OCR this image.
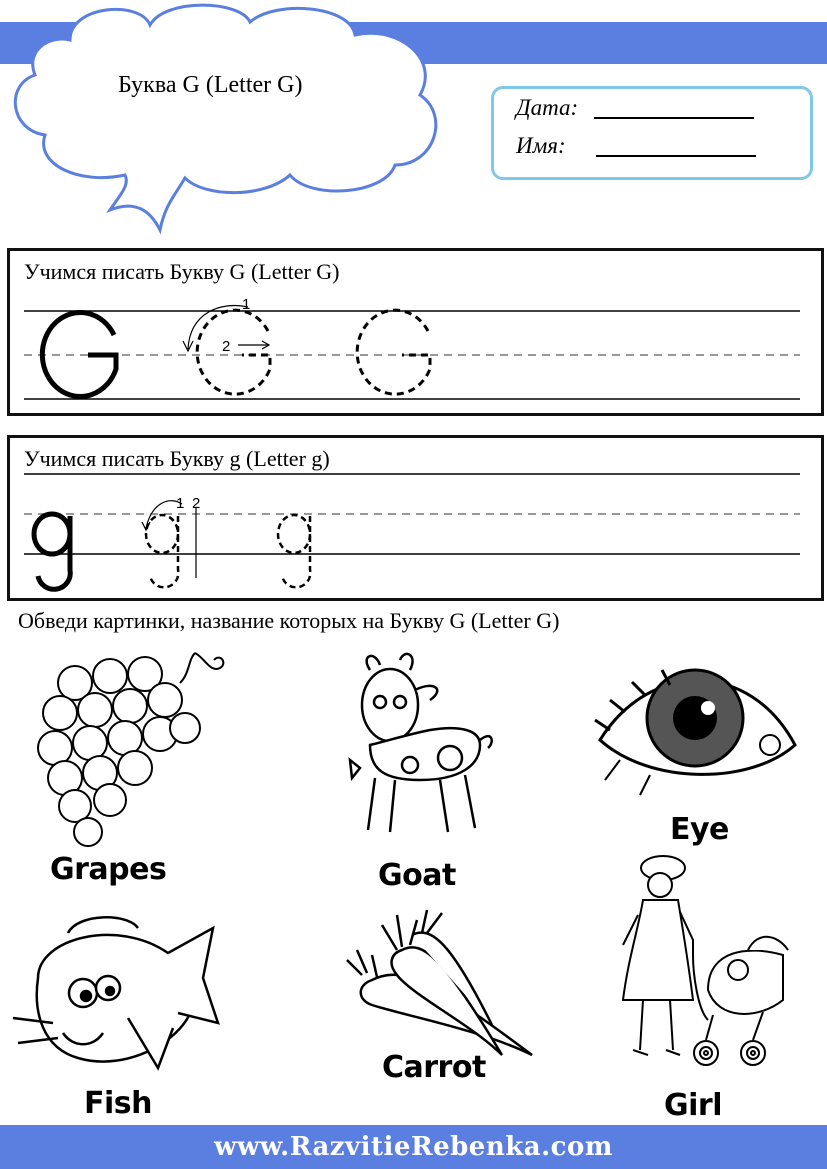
Буква G (Letter G)
Дата:
Имя:
1
2
Учимся писать Букву G (Letter G)
1 2
Учимся писать Букву g (Letter g)
Обведи картинки, название которых на Букву G (Letter G)
Grapes	Goat
Eye
Fish
Carrot
Girl
www.RazvitieRebenka.com
